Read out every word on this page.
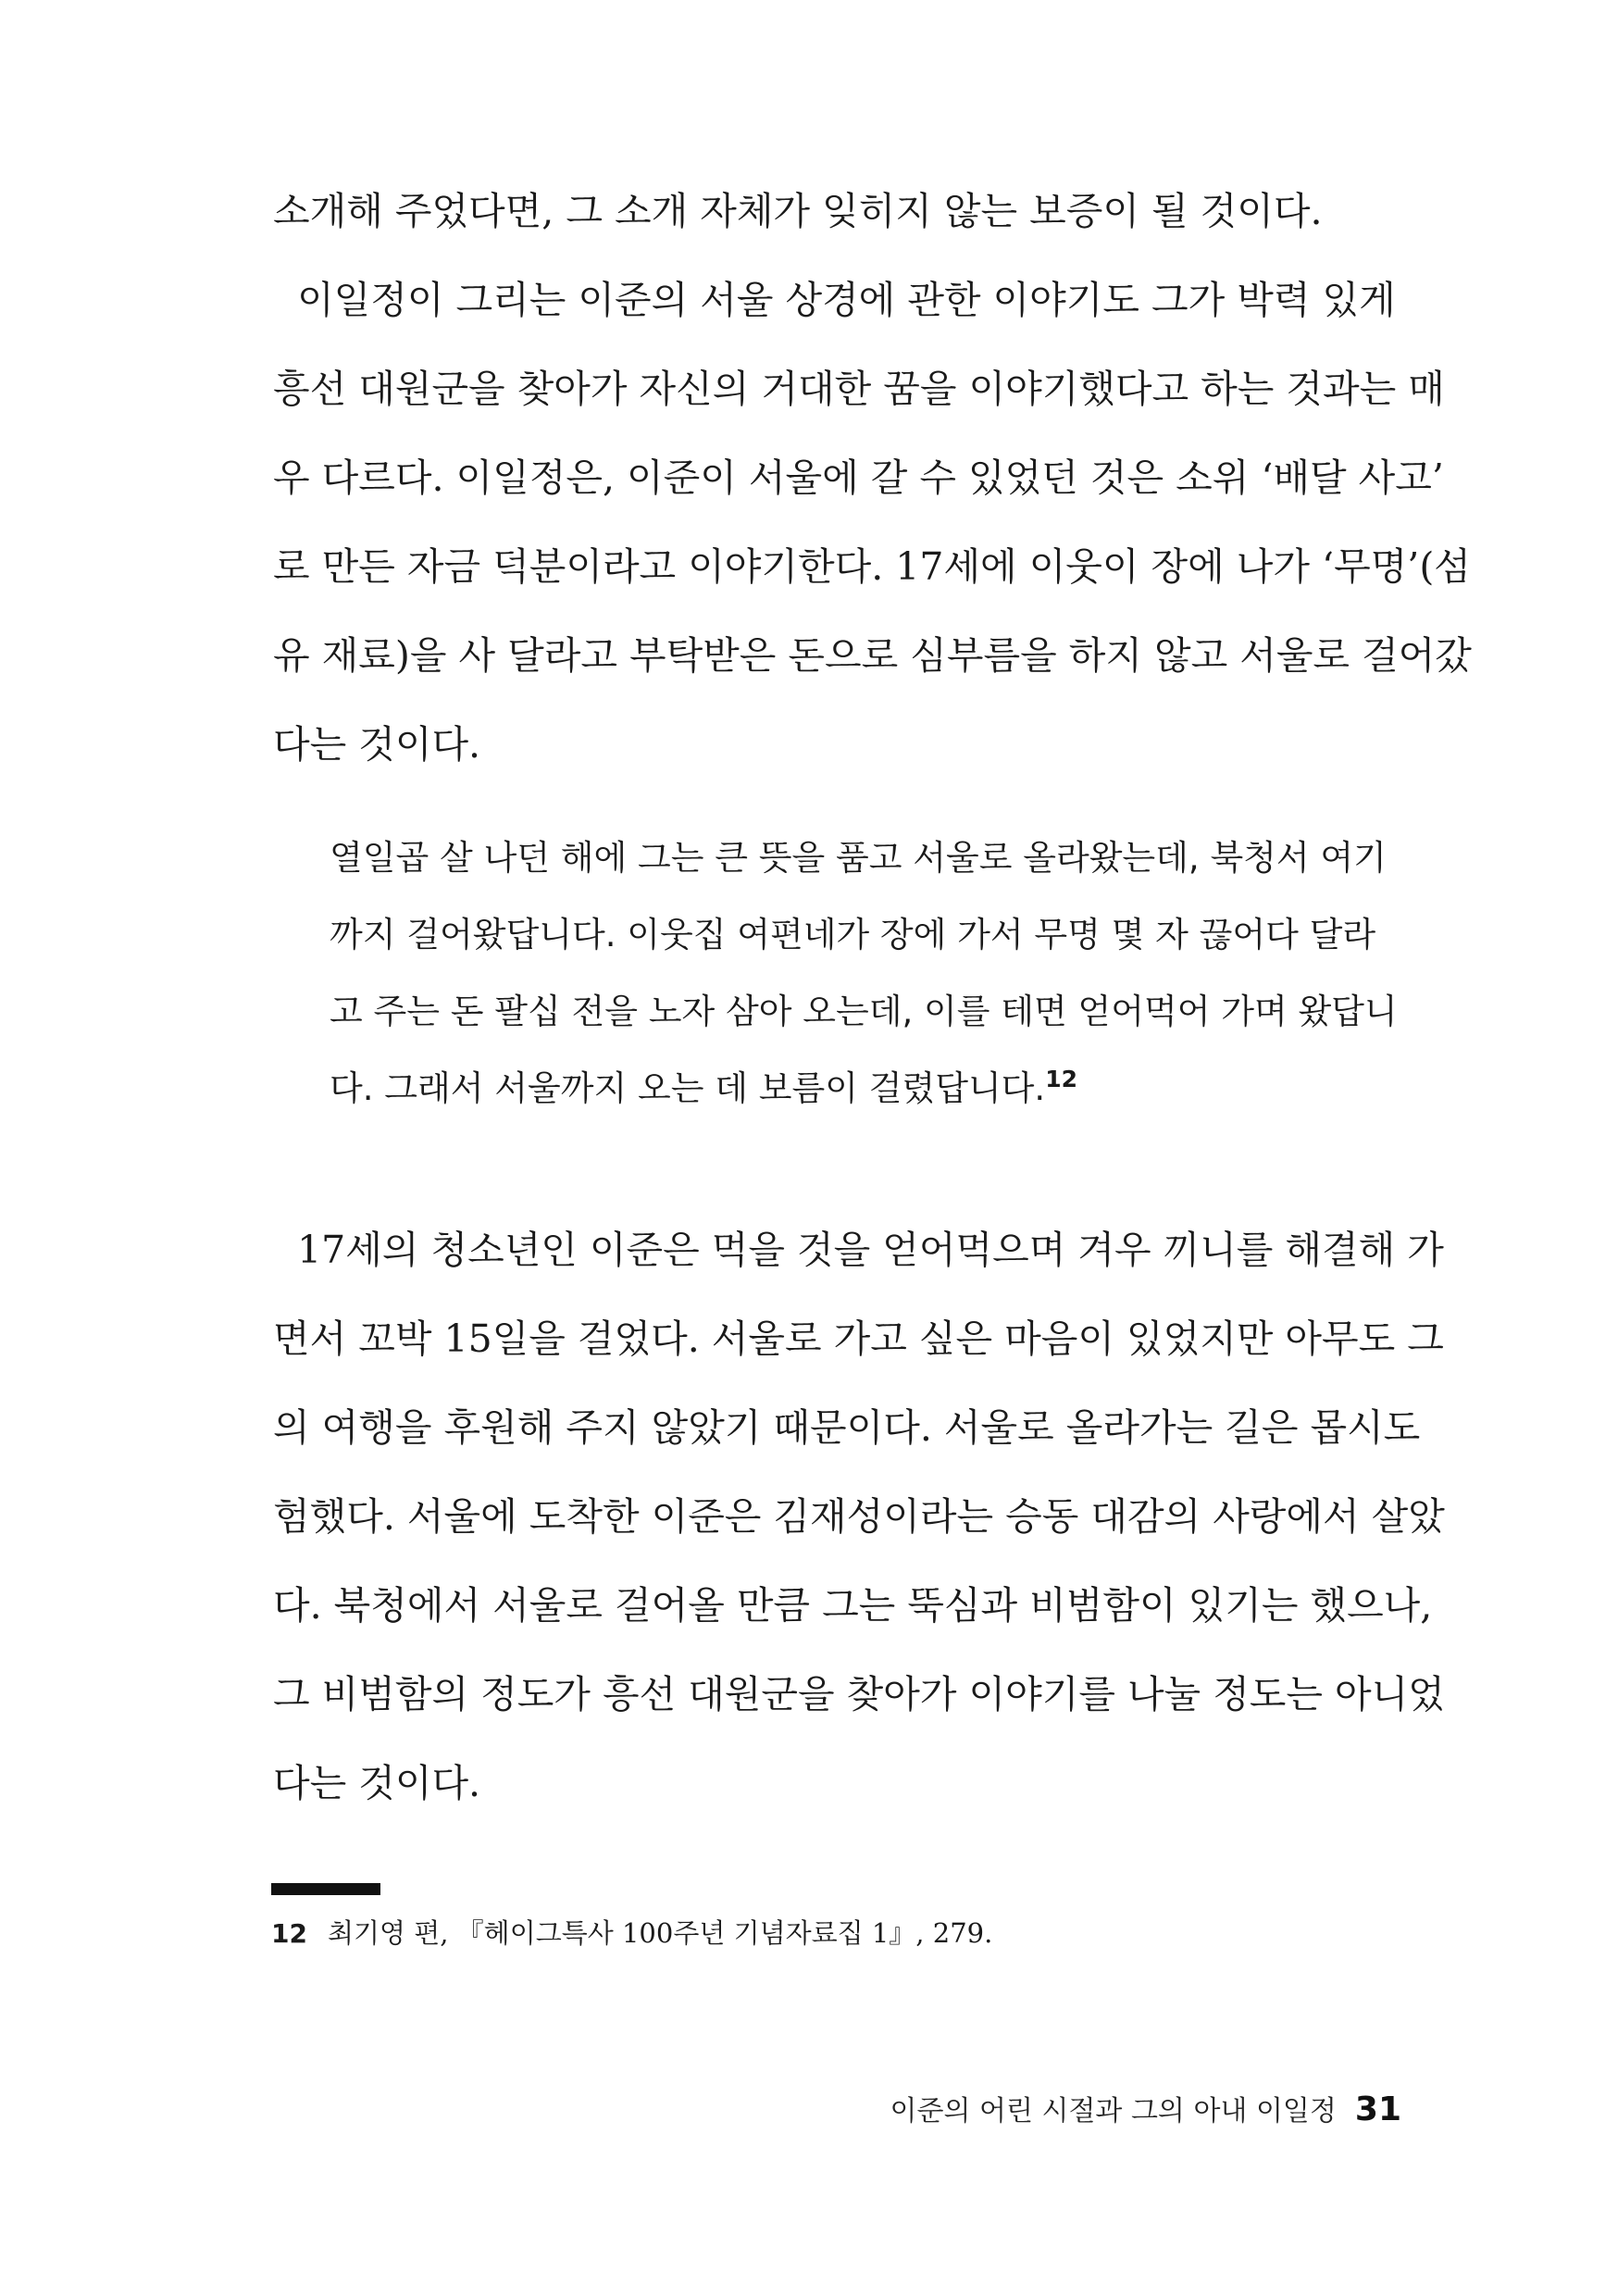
소개해 주었다면, 그 소개 자체가 잊히지 않는 보증이 될 것이다.
이일정이 그리는 이준의 서울 상경에 관한 이야기도 그가 박력 있게
흥선 대원군을 찾아가 자신의 거대한 꿈을 이야기했다고 하는 것과는 매
우 다르다. 이일정은, 이준이 서울에 갈 수 있었던 것은 소위 ‘배달 사고’
로 만든 자금 덕분이라고 이야기한다. 17세에 이웃이 장에 나가 ‘무명’(섬
유 재료)을 사 달라고 부탁받은 돈으로 심부름을 하지 않고 서울로 걸어갔
다는 것이다.
열일곱 살 나던 해에 그는 큰 뜻을 품고 서울로 올라왔는데, 북청서 여기
까지 걸어왔답니다. 이웃집 여편네가 장에 가서 무명 몇 자 끊어다 달라
고 주는 돈 팔십 전을 노자 삼아 오는데, 이를 테면 얻어먹어 가며 왔답니
다. 그래서 서울까지 오는 데 보름이 걸렸답니다.$^{12}$
17세의 청소년인 이준은 먹을 것을 얻어먹으며 겨우 끼니를 해결해 가
면서 꼬박 15일을 걸었다. 서울로 가고 싶은 마음이 있었지만 아무도 그
의 여행을 후원해 주지 않았기 때문이다. 서울로 올라가는 길은 몹시도
험했다. 서울에 도착한 이준은 김재성이라는 승동 대감의 사랑에서 살았
다. 북청에서 서울로 걸어올 만큼 그는 뚝심과 비범함이 있기는 했으나,
그 비범함의 정도가 흥선 대원군을 찾아가 이야기를 나눌 정도는 아니었
다는 것이다.

12 최기영 편, 『헤이그특사 100주년 기념자료집 1』, 279.

이준의 어린 시절과 그의 아내 이일정 31
